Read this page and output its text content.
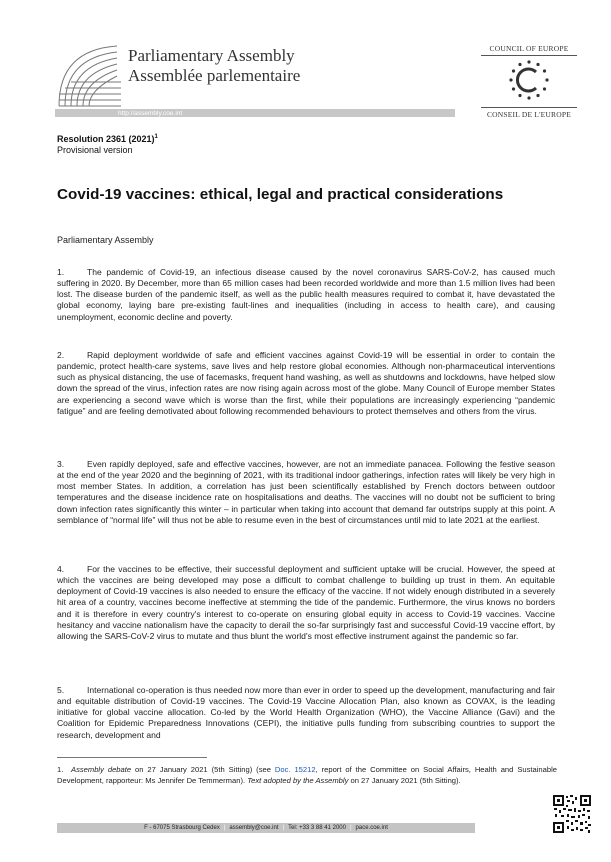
Parliamentary Assembly
Assemblée parlementaire
http://assembly.coe.int
COUNCIL OF EUROPE
CONSEIL DE L'EUROPE
Resolution 2361 $(2021)^1$
Provisional version
Covid-19 vaccines: ethical, legal and practical considerations
Parliamentary Assembly
1.	The pandemic of Covid-19, an infectious disease caused by the novel coronavirus SARS-CoV-2, has caused much suffering in 2020. By December, more than 65 million cases had been recorded worldwide and more than 1.5 million lives had been lost. The disease burden of the pandemic itself, as well as the public health measures required to combat it, have devastated the global economy, laying bare pre-existing fault-lines and inequalities (including in access to health care), and causing unemployment, economic decline and poverty.
2.	Rapid deployment worldwide of safe and efficient vaccines against Covid-19 will be essential in order to contain the pandemic, protect health-care systems, save lives and help restore global economies. Although non-pharmaceutical interventions such as physical distancing, the use of facemasks, frequent hand washing, as well as shutdowns and lockdowns, have helped slow down the spread of the virus, infection rates are now rising again across most of the globe. Many Council of Europe member States are experiencing a second wave which is worse than the first, while their populations are increasingly experiencing “pandemic fatigue” and are feeling demotivated about following recommended behaviours to protect themselves and others from the virus.
3.	Even rapidly deployed, safe and effective vaccines, however, are not an immediate panacea. Following the festive season at the end of the year 2020 and the beginning of 2021, with its traditional indoor gatherings, infection rates will likely be very high in most member States. In addition, a correlation has just been scientifically established by French doctors between outdoor temperatures and the disease incidence rate on hospitalisations and deaths. The vaccines will no doubt not be sufficient to bring down infection rates significantly this winter – in particular when taking into account that demand far outstrips supply at this point. A semblance of “normal life” will thus not be able to resume even in the best of circumstances until mid to late 2021 at the earliest.
4.	For the vaccines to be effective, their successful deployment and sufficient uptake will be crucial. However, the speed at which the vaccines are being developed may pose a difficult to combat challenge to building up trust in them. An equitable deployment of Covid-19 vaccines is also needed to ensure the efficacy of the vaccine. If not widely enough distributed in a severely hit area of a country, vaccines become ineffective at stemming the tide of the pandemic. Furthermore, the virus knows no borders and it is therefore in every country's interest to co-operate on ensuring global equity in access to Covid-19 vaccines. Vaccine hesitancy and vaccine nationalism have the capacity to derail the so-far surprisingly fast and successful Covid-19 vaccine effort, by allowing the SARS-CoV-2 virus to mutate and thus blunt the world's most effective instrument against the pandemic so far.
5.	International co-operation is thus needed now more than ever in order to speed up the development, manufacturing and fair and equitable distribution of Covid-19 vaccines. The Covid-19 Vaccine Allocation Plan, also known as COVAX, is the leading initiative for global vaccine allocation. Co-led by the World Health Organization (WHO), the Vaccine Alliance (Gavi) and the Coalition for Epidemic Preparedness Innovations (CEPI), the initiative pulls funding from subscribing countries to support the research, development and
1. Assembly debate on 27 January 2021 (5th Sitting) (see Doc. 15212, report of the Committee on Social Affairs, Health and Sustainable Development, rapporteur: Ms Jennifer De Temmerman). Text adopted by the Assembly on 27 January 2021 (5th Sitting).
F - 67075 Strasbourg Cedex | assembly@coe.int | Tel: +33 3 88 41 2000 | pace.coe.int
